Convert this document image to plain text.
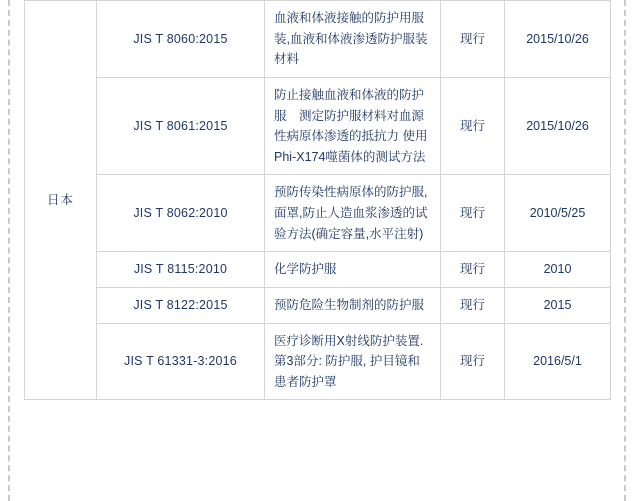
日本	JIS T 8060:2015	血液和体液接触的防护用服装,血液和体液渗透防护服装材料	现行	2015/10/26
	JIS T 8061:2015	防止接触血液和体液的防护服　测定防护服材料对血源性病原体渗透的抵抗力 使用Phi-X174噬菌体的测试方法	现行	2015/10/26
	JIS T 8062:2010	预防传染性病原体的防护服,面罩,防止人造血浆渗透的试验方法(确定容量,水平注射)	现行	2010/5/25
	JIS T 8115:2010	化学防护服	现行	2010
	JIS T 8122:2015	预防危险生物制剂的防护服	现行	2015
	JIS T 61331-3:2016	医疗诊断用X射线防护装置. 第3部分: 防护服, 护目镜和患者防护罩	现行	2016/5/1
